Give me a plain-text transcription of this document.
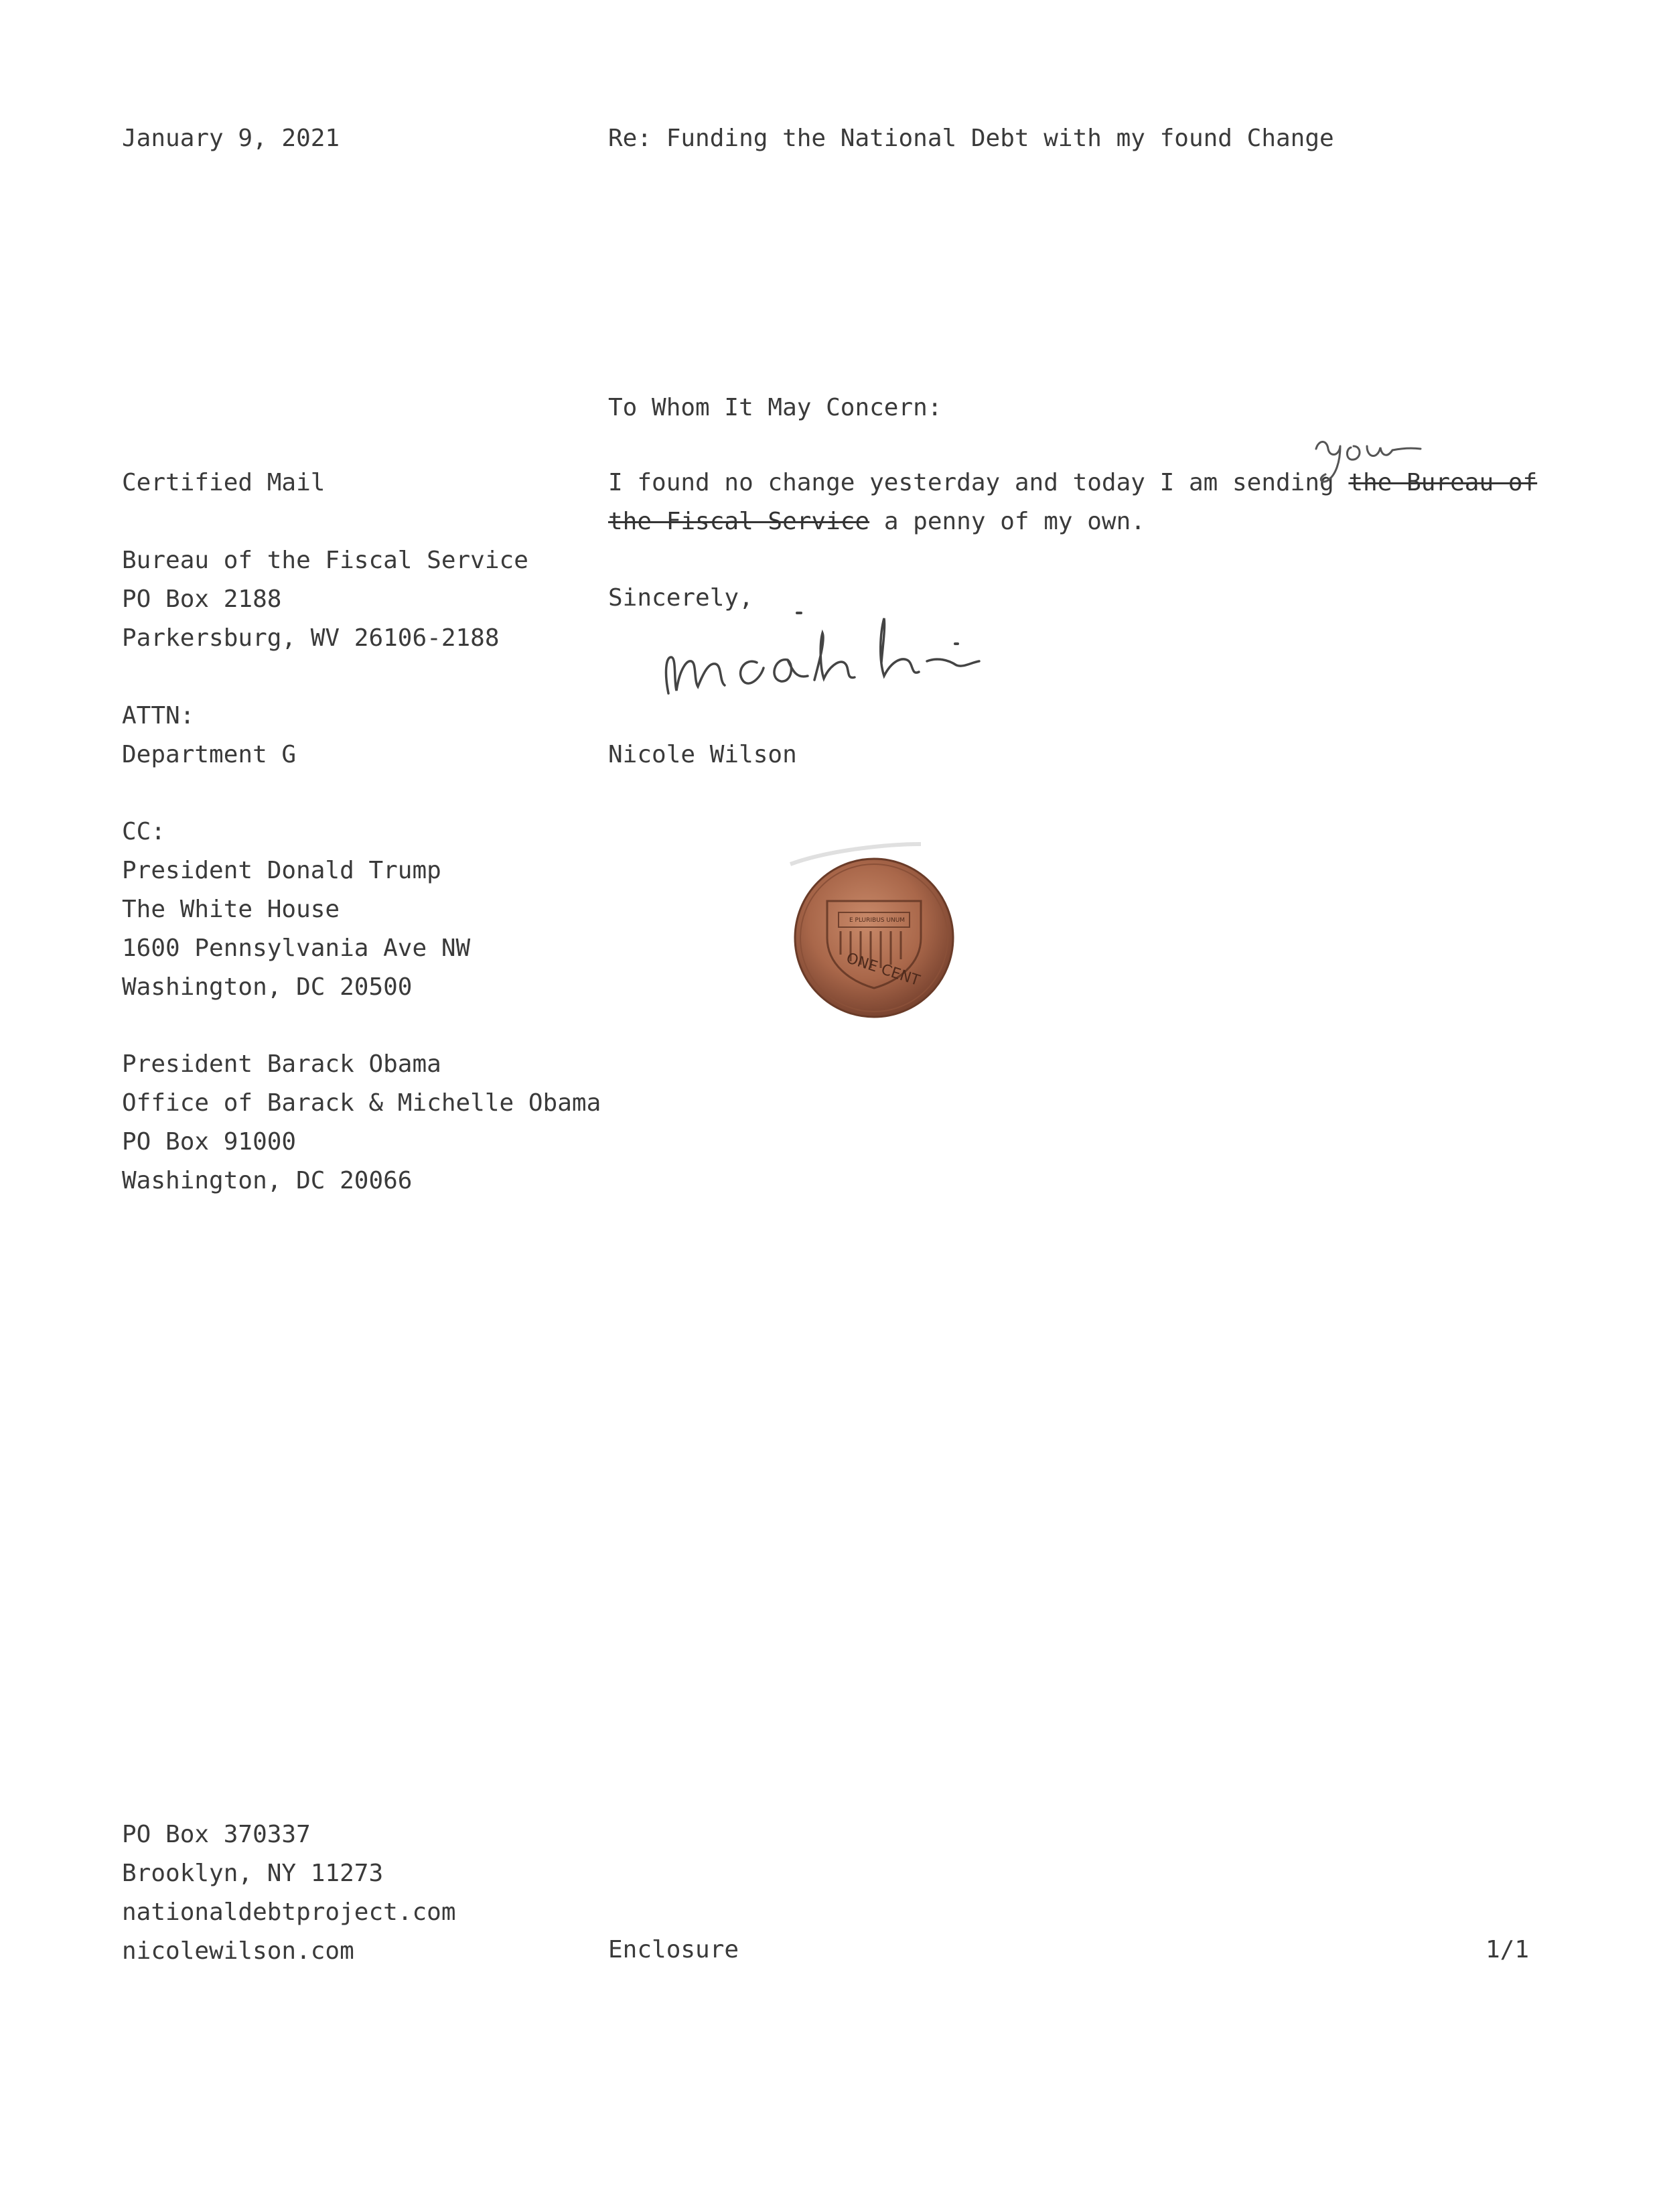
January 9, 2021	Re: Funding the National Debt with my found Change
Certified Mail
Bureau of the Fiscal Service
PO Box 2188
Parkersburg, WV 26106-2188
ATTN:
Department G
CC:
President Donald Trump
The White House
1600 Pennsylvania Ave NW
Washington, DC 20500
President Barack Obama
Office of Barack & Michelle Obama
PO Box 91000
Washington, DC 20066
To Whom It May Concern:
I found no change yesterday and today I am sending the Bureau of
the Fiscal Service a penny of my own.
Sincerely,
Nicole Wilson
ONE CENT
E PLURIBUS UNUM
PO Box 370337
Brooklyn, NY 11273
nationaldebtproject.com
nicolewilson.com	Enclosure	1/1
